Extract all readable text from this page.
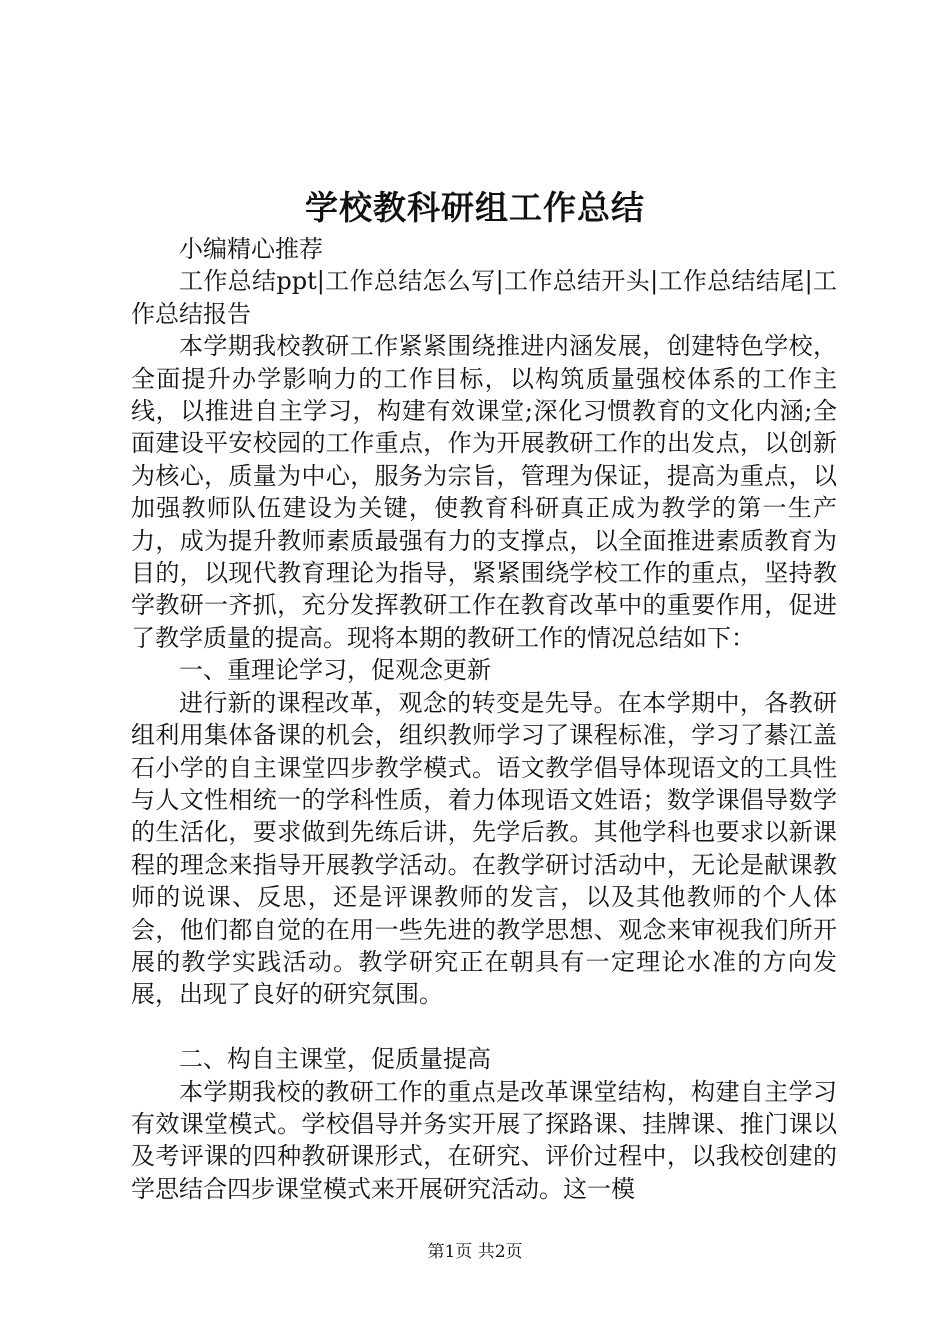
学校教科研组工作总结

小编精心推荐

工作总结ppt|工作总结怎么写|工作总结开头|工作总结结尾|工作总结报告

本学期我校教研工作紧紧围绕推进内涵发展，创建特色学校，全面提升办学影响力的工作目标，以构筑质量强校体系的工作主线，以推进自主学习，构建有效课堂;深化习惯教育的文化内涵;全面建设平安校园的工作重点，作为开展教研工作的出发点，以创新为核心，质量为中心，服务为宗旨，管理为保证，提高为重点，以加强教师队伍建设为关键，使教育科研真正成为教学的第一生产力，成为提升教师素质最强有力的支撑点，以全面推进素质教育为目的，以现代教育理论为指导，紧紧围绕学校工作的重点，坚持教学教研一齐抓，充分发挥教研工作在教育改革中的重要作用，促进了教学质量的提高。现将本期的教研工作的情况总结如下：

一、重理论学习，促观念更新

进行新的课程改革，观念的转变是先导。在本学期中，各教研组利用集体备课的机会，组织教师学习了课程标准，学习了綦江盖石小学的自主课堂四步教学模式。语文教学倡导体现语文的工具性与人文性相统一的学科性质，着力体现语文姓语；数学课倡导数学的生活化，要求做到先练后讲，先学后教。其他学科也要求以新课程的理念来指导开展教学活动。在教学研讨活动中，无论是献课教师的说课、反思，还是评课教师的发言，以及其他教师的个人体会，他们都自觉的在用一些先进的教学思想、观念来审视我们所开展的教学实践活动。教学研究正在朝具有一定理论水准的方向发展，出现了良好的研究氛围。

二、构自主课堂，促质量提高

本学期我校的教研工作的重点是改革课堂结构，构建自主学习有效课堂模式。学校倡导并务实开展了探路课、挂牌课、推门课以及考评课的四种教研课形式，在研究、评价过程中，以我校创建的学思结合四步课堂模式来开展研究活动。这一模

第1页 共2页
